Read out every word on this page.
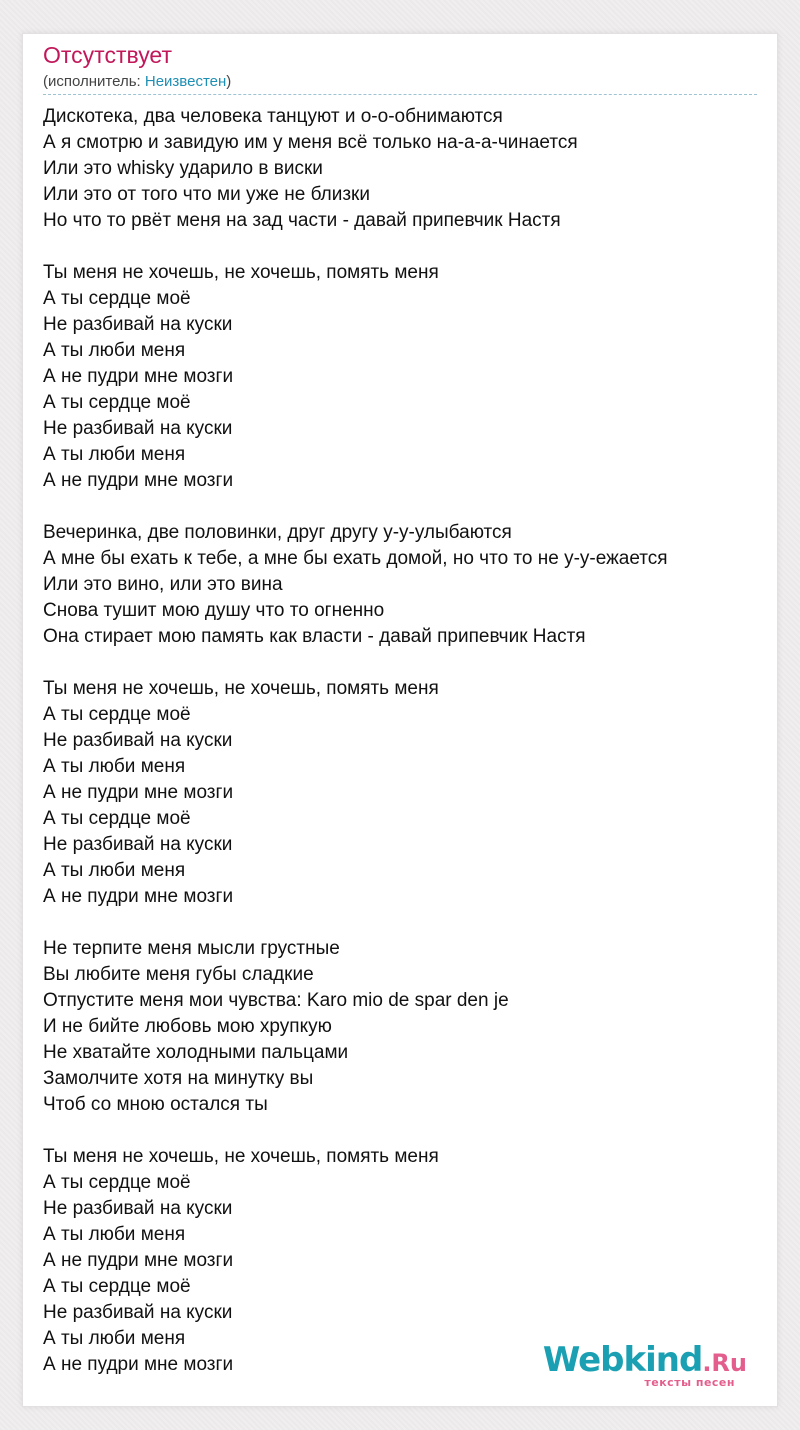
Отсутствует
(исполнитель: Неизвестен)
Дискотека, два человека танцуют и о-о-обнимаются
А я смотрю и завидую им у меня всё только на-а-а-чинается
Или это whisky ударило в виски
Или это от того что ми уже не близки
Но что то рвёт меня на зад части - давай припевчик Настя
Ты меня не хочешь, не хочешь, помять меня
А ты сердце моё
Не разбивай на куски
А ты люби меня
А не пудри мне мозги
А ты сердце моё
Не разбивай на куски
А ты люби меня
А не пудри мне мозги
Вечеринка, две половинки, друг другу у-у-улыбаются
А мне бы ехать к тебе, а мне бы ехать домой, но что то не у-у-ежается
Или это вино, или это вина
Снова тушит мою душу что то огненно
Она стирает мою память как власти - давай припевчик Настя
Ты меня не хочешь, не хочешь, помять меня
А ты сердце моё
Не разбивай на куски
А ты люби меня
А не пудри мне мозги
А ты сердце моё
Не разбивай на куски
А ты люби меня
А не пудри мне мозги
Не терпите меня мысли грустные
Вы любите меня губы сладкие
Отпустите меня мои чувства: Karo mio de spar den je
И не бийте любовь мою хрупкую
Не хватайте холодными пальцами
Замолчите хотя на минутку вы
Чтоб со мною остался ты
Ты меня не хочешь, не хочешь, помять меня
А ты сердце моё
Не разбивай на куски
А ты люби меня
А не пудри мне мозги
А ты сердце моё
Не разбивай на куски
А ты люби меня
А не пудри мне мозги	Webkind.Ru
тексты песен
